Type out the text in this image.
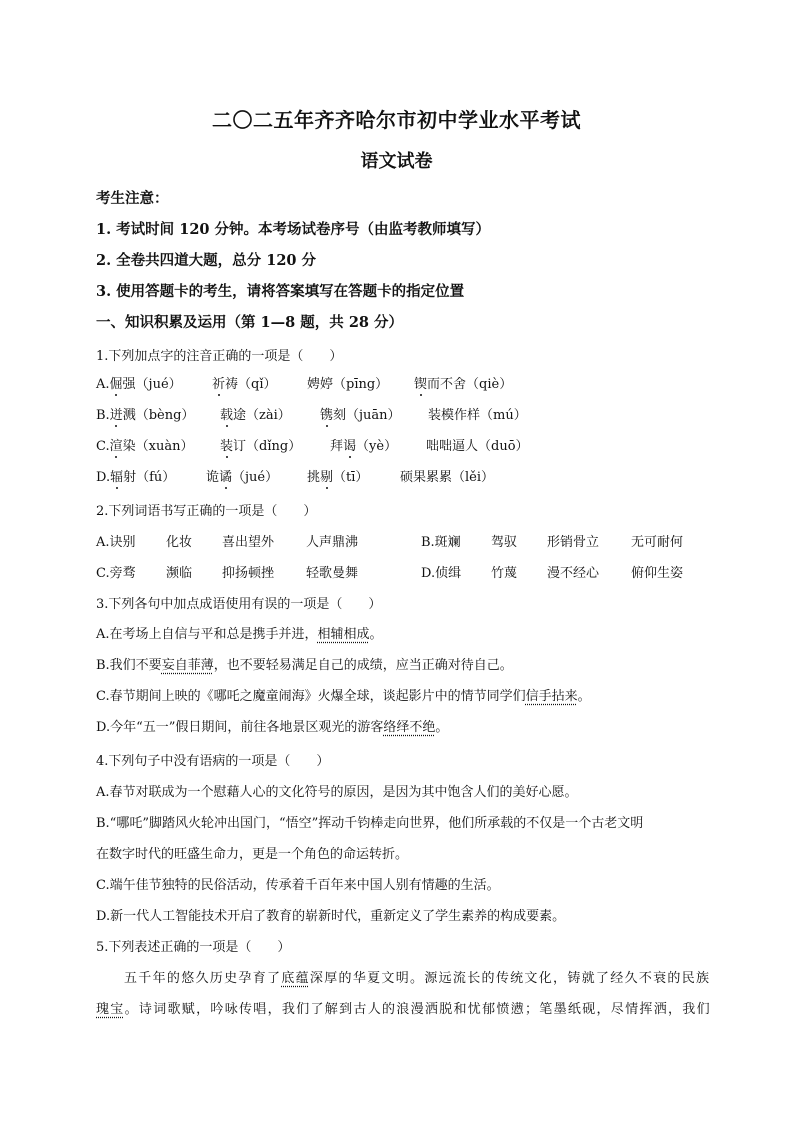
二〇二五年齐齐哈尔市初中学业水平考试
语文试卷
考生注意：
1. 考试时间 120 分钟。本考场试卷序号（由监考教师填写）
2. 全卷共四道大题，总分 120 分
3. 使用答题卡的考生，请将答案填写在答题卡的指定位置
一、知识积累及运用（第 1—8 题，共 28 分）
1.下列加点字的注音正确的一项是（　　）
A.倔强（jué） 祈祷（qǐ） 娉婷（pīng） 锲而不舍（qiè）
B.迸溅（bèng） 载途（zài） 镌刻（juān） 装模作样（mú）
C.渲染（xuàn） 装订（dǐng） 拜谒（yè） 咄咄逼人（duō）
D.辐射（fú） 诡谲（jué） 挑剔（tī） 硕果累累（lěi）
2.下列词语书写正确的一项是（　　）
A.诀别 化妆 喜出望外 人声鼎沸	B.斑斓 驾驭 形销骨立 无可耐何
C.旁骛 濒临 抑扬顿挫 轻歌曼舞	D.侦缉 竹蔑 漫不经心 俯仰生姿
3.下列各句中加点成语使用有误的一项是（　　）
A.在考场上自信与平和总是携手并进，相辅相成。
B.我们不要妄自菲薄，也不要轻易满足自己的成绩，应当正确对待自己。
C.春节期间上映的《哪吒之魔童闹海》火爆全球，谈起影片中的情节同学们信手拈来。
D.今年“五一”假日期间，前往各地景区观光的游客络绎不绝。
4.下列句子中没有语病的一项是（　　）
A.春节对联成为一个慰藉人心的文化符号的原因，是因为其中饱含人们的美好心愿。
B.“哪吒”脚踏风火轮冲出国门，“悟空”挥动千钧棒走向世界，他们所承载的不仅是一个古老文明
在数字时代的旺盛生命力，更是一个角色的命运转折。
C.端午佳节独特的民俗活动，传承着千百年来中国人别有情趣的生活。
D.新一代人工智能技术开启了教育的崭新时代，重新定义了学生素养的构成要素。
5.下列表述正确的一项是（　　）
五千年的悠久历史孕育了底蕴深厚的华夏文明。源远流长的传统文化，铸就了经久不衰的民族
瑰宝。诗词歌赋，吟咏传唱，我们了解到古人的浪漫洒脱和忧郁愤懑；笔墨纸砚，尽情挥洒，我们
